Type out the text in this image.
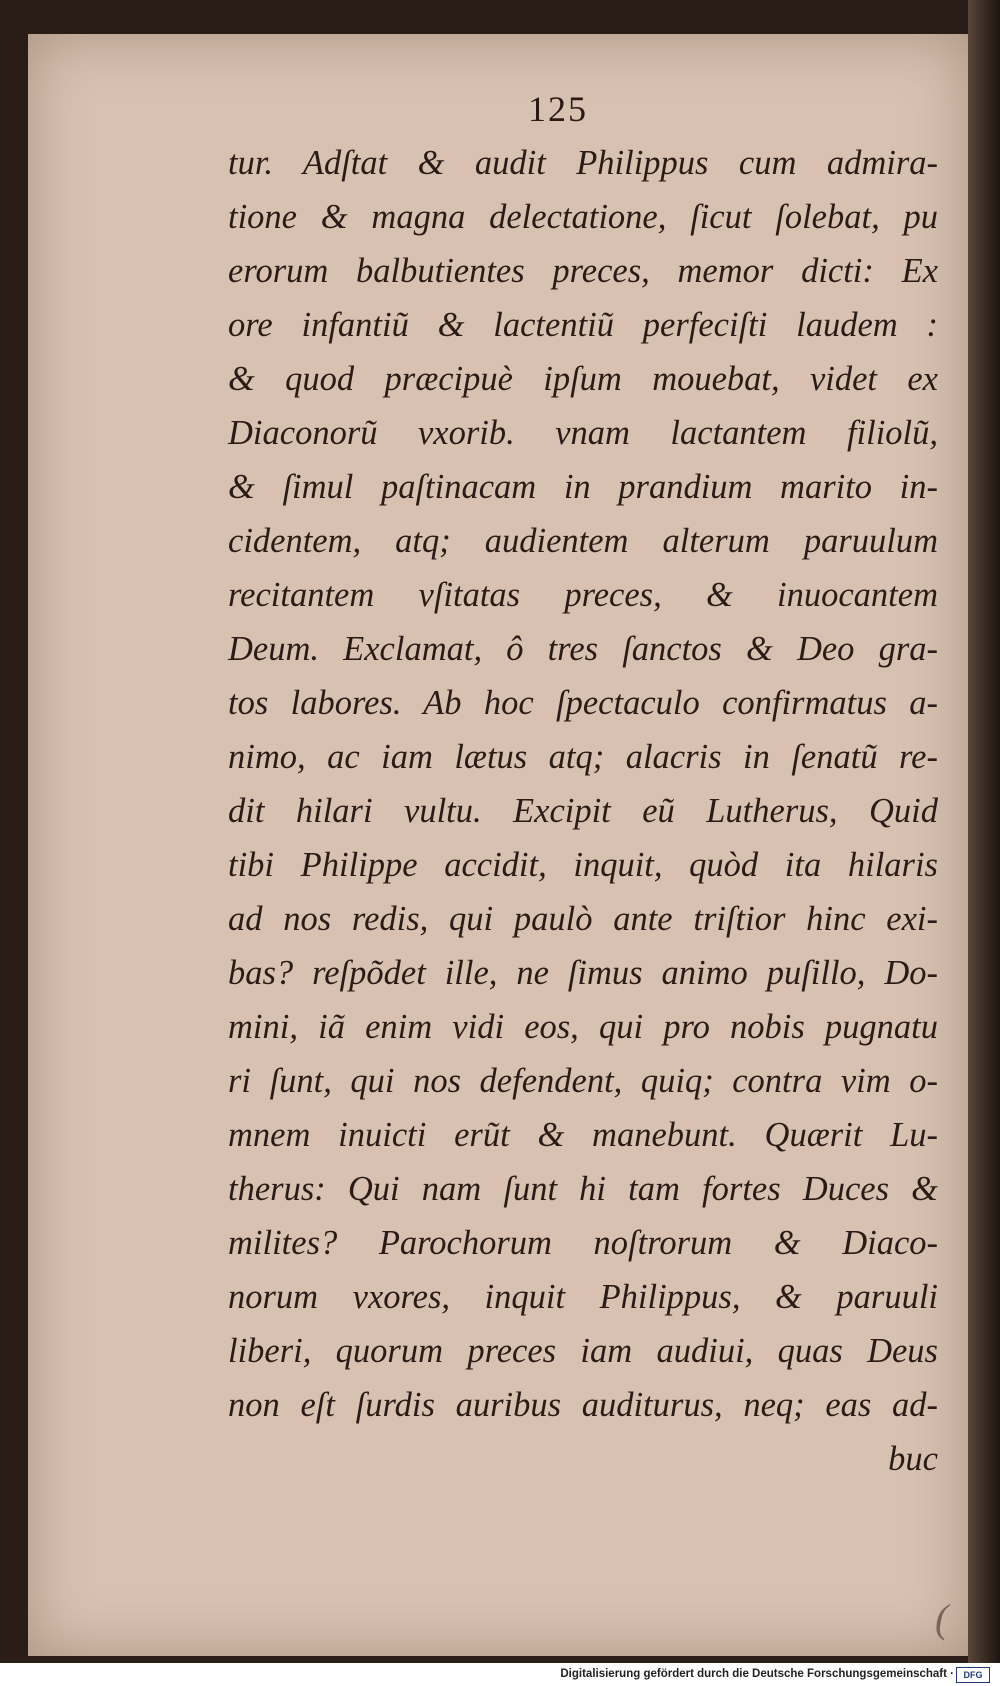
125
tur. Adſtat & audit Philippus cum admira-
tione & magna delectatione, ſicut ſolebat, pu
erorum balbutientes preces, memor dicti: Ex
ore infantiũ & lactentiũ perfeciſti laudem :
& quod præcipuè ipſum mouebat, videt ex
Diaconorũ vxorib. vnam lactantem filiolũ,
& ſimul paſtinacam in prandium marito in-
cidentem, atq; audientem alterum paruulum
recitantem vſitatas preces, & inuocantem
Deum. Exclamat, ô tres ſanctos & Deo gra-
tos labores. Ab hoc ſpectaculo confirmatus a-
nimo, ac iam lætus atq; alacris in ſenatũ re-
dit hilari vultu. Excipit eũ Lutherus, Quid
tibi Philippe accidit, inquit, quòd ita hilaris
ad nos redis, qui paulò ante triſtior hinc exi-
bas? reſpõdet ille, ne ſimus animo puſillo, Do-
mini, iã enim vidi eos, qui pro nobis pugnatu
ri ſunt, qui nos defendent, quiq; contra vim o-
mnem inuicti erũt & manebunt. Quærit Lu-
therus: Qui nam ſunt hi tam fortes Duces &
milites? Parochorum noſtrorum & Diaco-
norum vxores, inquit Philippus, & paruuli
liberi, quorum preces iam audiui, quas Deus
non eſt ſurdis auribus auditurus, neq; eas ad-
buc
(
Digitalisierung gefördert durch die Deutsche Forschungsgemeinschaft ·	DFG
